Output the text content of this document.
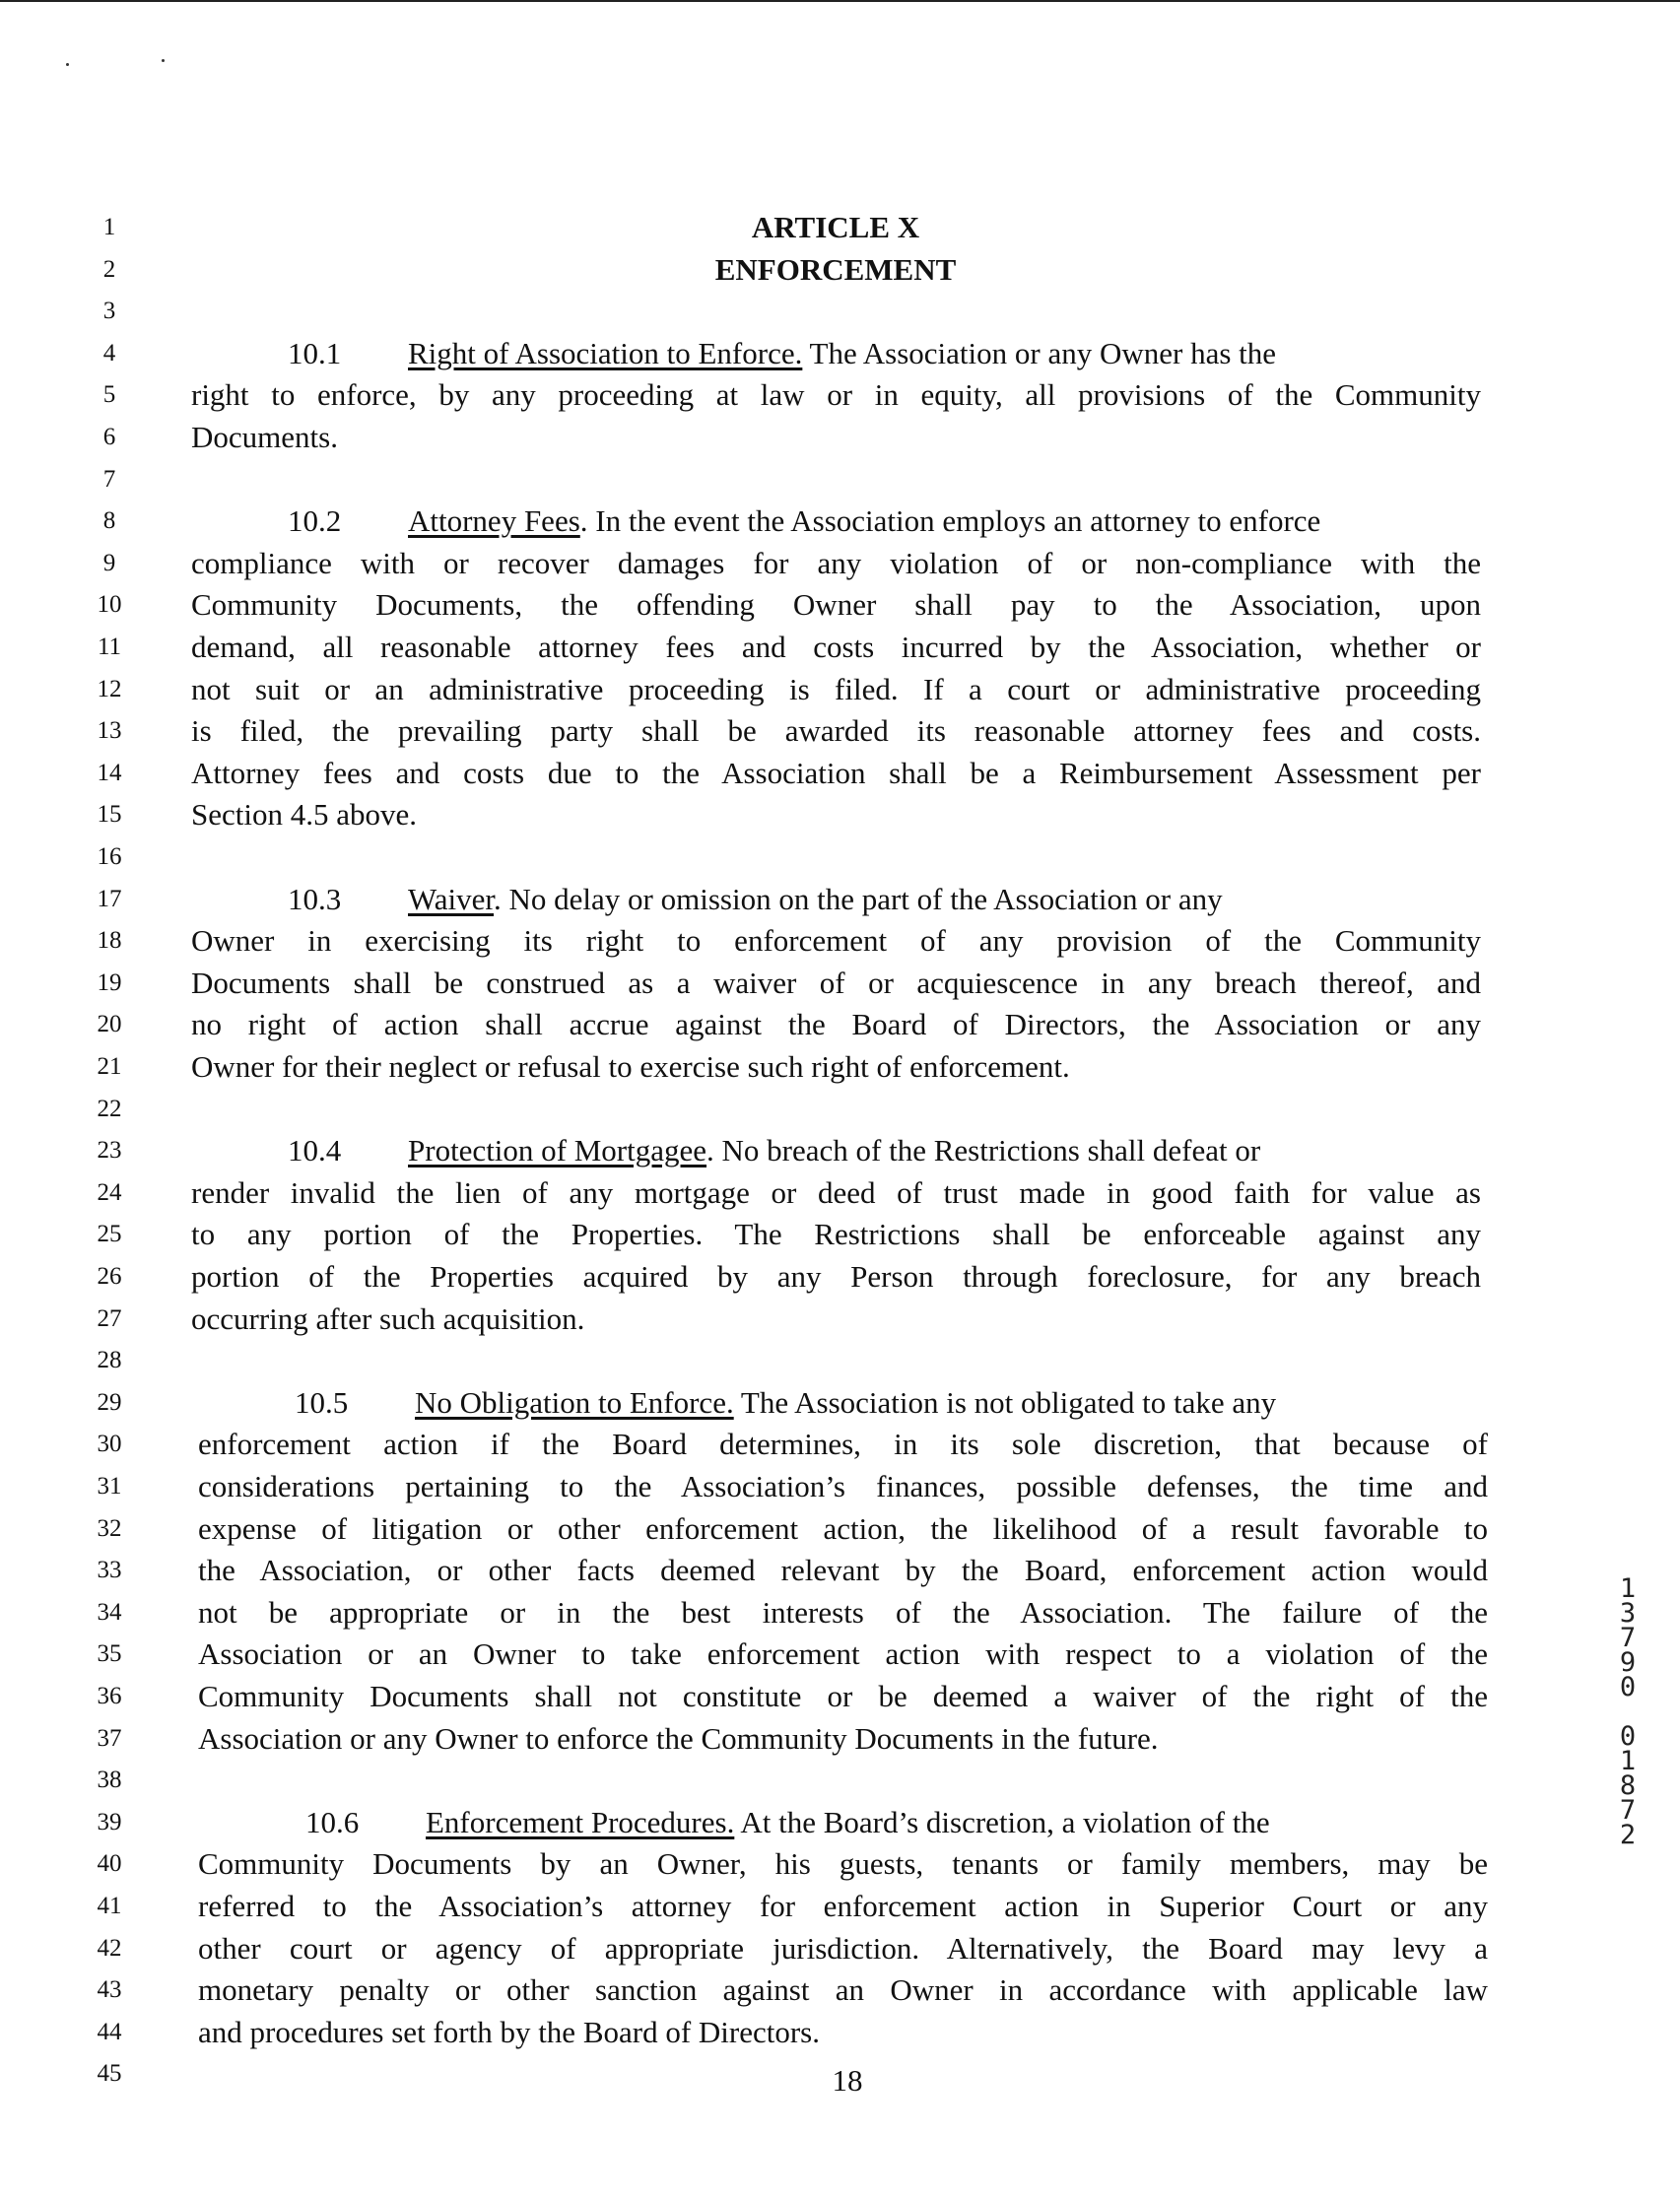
1
2
3
4
5
6
7
8
9
10
11
12
13
14
15
16
17
18
19
20
21
22
23
24
25
26
27
28
29
30
31
32
33
34
35
36
37
38
39
40
41
42
43
44
45
ARTICLE X
ENFORCEMENT
10.1 Right of Association to Enforce. The Association or any Owner has the
right to enforce, by any proceeding at law or in equity, all provisions of the Community
Documents.
10.2 Attorney Fees. In the event the Association employs an attorney to enforce
compliance with or recover damages for any violation of or non-compliance with the
Community Documents, the offending Owner shall pay to the Association, upon
demand, all reasonable attorney fees and costs incurred by the Association, whether or
not suit or an administrative proceeding is filed. If a court or administrative proceeding
is filed, the prevailing party shall be awarded its reasonable attorney fees and costs.
Attorney fees and costs due to the Association shall be a Reimbursement Assessment per
Section 4.5 above.
10.3 Waiver. No delay or omission on the part of the Association or any
Owner in exercising its right to enforcement of any provision of the Community
Documents shall be construed as a waiver of or acquiescence in any breach thereof, and
no right of action shall accrue against the Board of Directors, the Association or any
Owner for their neglect or refusal to exercise such right of enforcement.
10.4 Protection of Mortgagee. No breach of the Restrictions shall defeat or
render invalid the lien of any mortgage or deed of trust made in good faith for value as
to any portion of the Properties. The Restrictions shall be enforceable against any
portion of the Properties acquired by any Person through foreclosure, for any breach
occurring after such acquisition.
10.5 No Obligation to Enforce. The Association is not obligated to take any
enforcement action if the Board determines, in its sole discretion, that because of
considerations pertaining to the Association’s finances, possible defenses, the time and
expense of litigation or other enforcement action, the likelihood of a result favorable to
the Association, or other facts deemed relevant by the Board, enforcement action would
not be appropriate or in the best interests of the Association. The failure of the
Association or an Owner to take enforcement action with respect to a violation of the
Community Documents shall not constitute or be deemed a waiver of the right of the
Association or any Owner to enforce the Community Documents in the future.
10.6 Enforcement Procedures. At the Board’s discretion, a violation of the
Community Documents by an Owner, his guests, tenants or family members, may be
referred to the Association’s attorney for enforcement action in Superior Court or any
other court or agency of appropriate jurisdiction. Alternatively, the Board may levy a
monetary penalty or other sanction against an Owner in accordance with applicable law
and procedures set forth by the Board of Directors.
18
1
3
7
9
0
0
1
8
7
2
